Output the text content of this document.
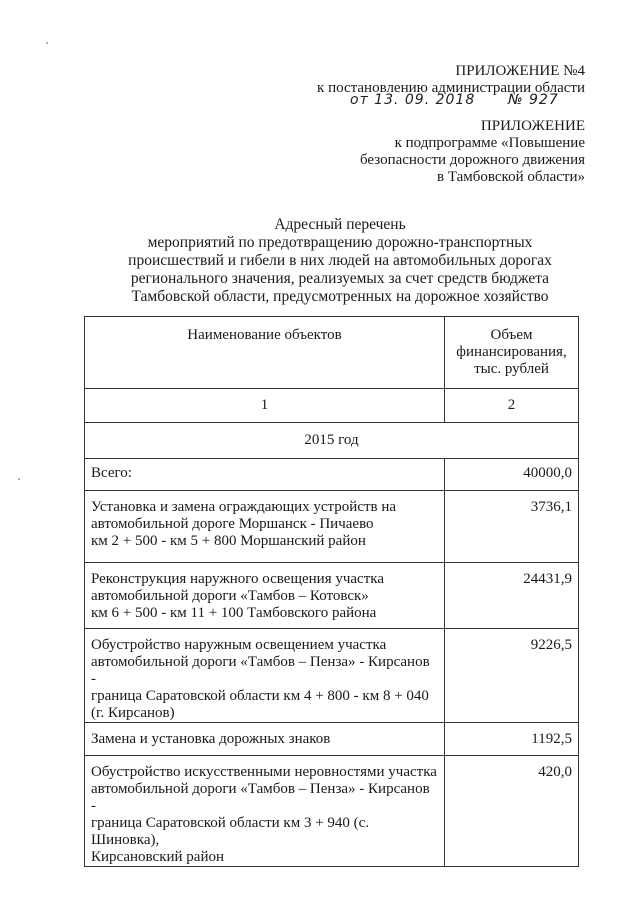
ПРИЛОЖЕНИЕ №4
к постановлению администрации области
от 13. 09. 2018 № 927
ПРИЛОЖЕНИЕ
к подпрограмме «Повышение
безопасности дорожного движения
в Тамбовской области»
Адресный перечень
мероприятий по предотвращению дорожно-транспортных
происшествий и гибели в них людей на автомобильных дорогах
регионального значения, реализуемых за счет средств бюджета
Тамбовской области, предусмотренных на дорожное хозяйство
Наименование объектов	Объем
финансирования,
тыс. рублей

1	2
2015 год	

Всего:	40000,0

Установка и замена ограждающих устройств на
автомобильной дороге Моршанск - Пичаево
км 2 + 500 - км 5 + 800 Моршанский район	3736,1

Реконструкция наружного освещения участка
автомобильной дороги «Тамбов – Котовск»
км 6 + 500 - км 11 + 100 Тамбовского района	24431,9

Обустройство наружным освещением участка
автомобильной дороги «Тамбов – Пенза» - Кирсанов -
граница Саратовской области км 4 + 800 - км 8 + 040
(г. Кирсанов)	9226,5

Замена и установка дорожных знаков	1192,5

Обустройство искусственными неровностями участка
автомобильной дороги «Тамбов – Пенза» - Кирсанов -
граница Саратовской области км 3 + 940 (с. Шиновка),
Кирсановский район	420,0
